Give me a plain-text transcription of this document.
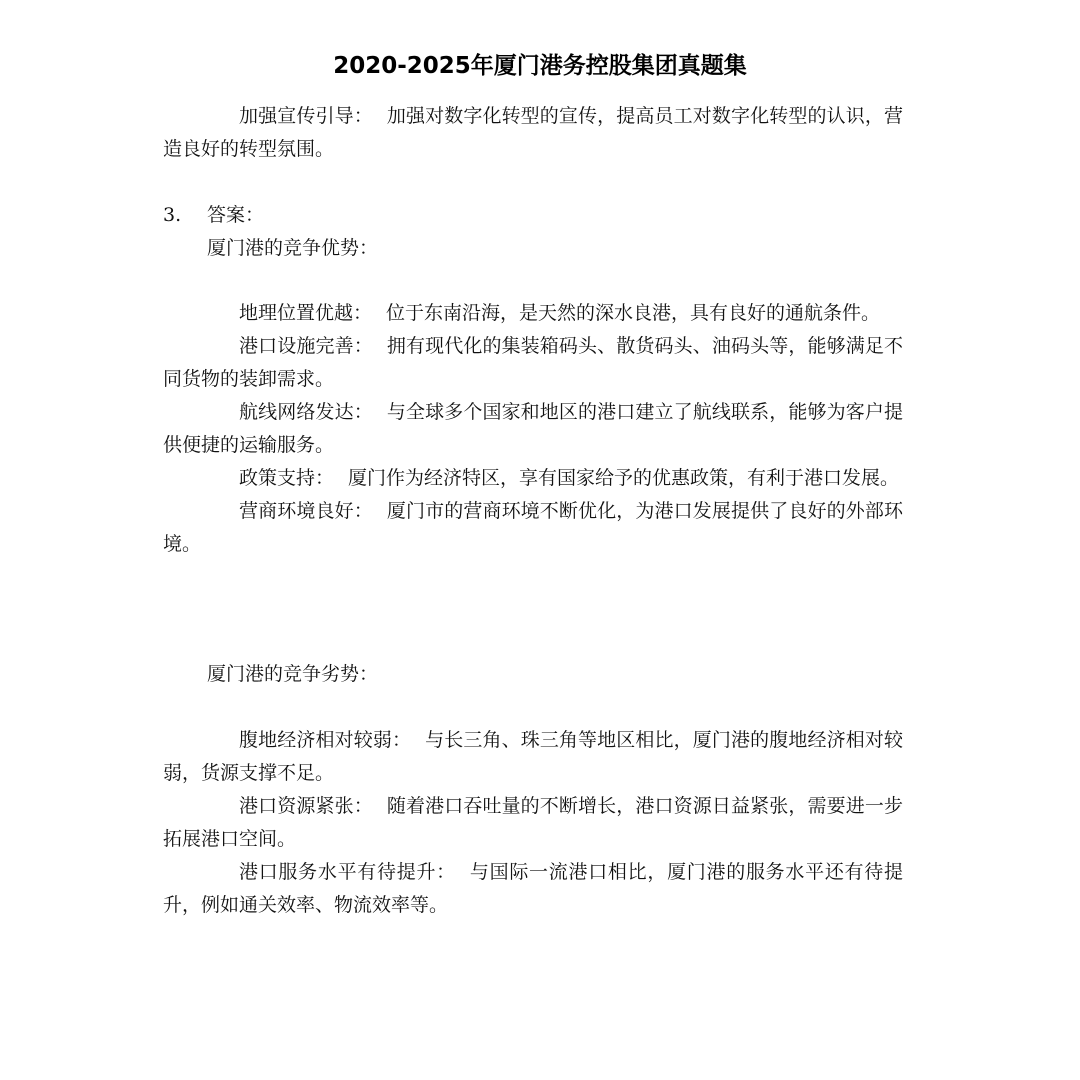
2020-2025年厦门港务控股集团真题集

加强宣传引导： 加强对数字化转型的宣传，提高员工对数字化转型的认识，营造良好的转型氛围。

3. 答案：

厦门港的竞争优势：

地理位置优越： 位于东南沿海，是天然的深水良港，具有良好的通航条件。

港口设施完善： 拥有现代化的集装箱码头、散货码头、油码头等，能够满足不同货物的装卸需求。

航线网络发达： 与全球多个国家和地区的港口建立了航线联系，能够为客户提供便捷的运输服务。

政策支持： 厦门作为经济特区，享有国家给予的优惠政策，有利于港口发展。

营商环境良好： 厦门市的营商环境不断优化，为港口发展提供了良好的外部环境。

厦门港的竞争劣势：

腹地经济相对较弱： 与长三角、珠三角等地区相比，厦门港的腹地经济相对较弱，货源支撑不足。

港口资源紧张： 随着港口吞吐量的不断增长，港口资源日益紧张，需要进一步拓展港口空间。

港口服务水平有待提升： 与国际一流港口相比，厦门港的服务水平还有待提升，例如通关效率、物流效率等。
